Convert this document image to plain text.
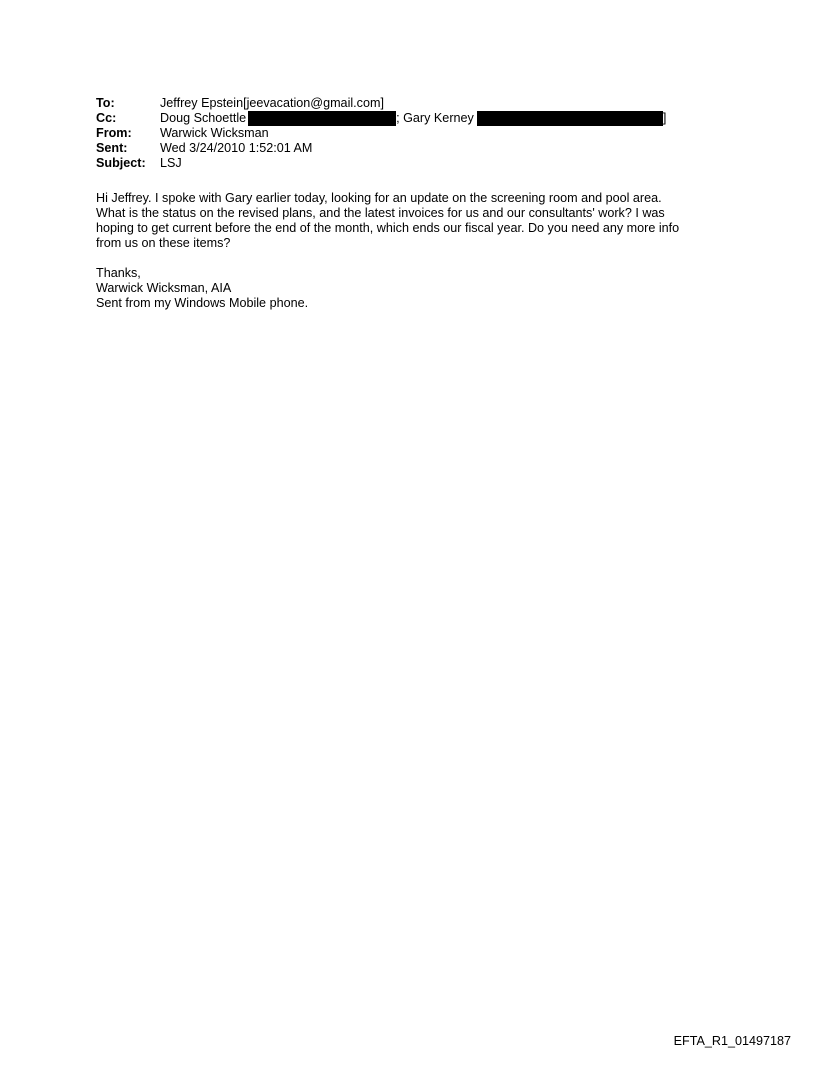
To:	Jeffrey Epstein[jeevacation@gmail.com]
Cc:	Doug Schoettle	; Gary Kerney	]
From:	Warwick Wicksman
Sent:	Wed 3/24/2010 1:52:01 AM
Subject:	LSJ

Hi Jeffrey. I spoke with Gary earlier today, looking for an update on the screening room and pool area.

What is the status on the revised plans, and the latest invoices for us and our consultants' work? I was

hoping to get current before the end of the month, which ends our fiscal year. Do you need any more info

from us on these items?

Thanks,

Warwick Wicksman, AIA

Sent from my Windows Mobile phone.

EFTA_R1_01497187
